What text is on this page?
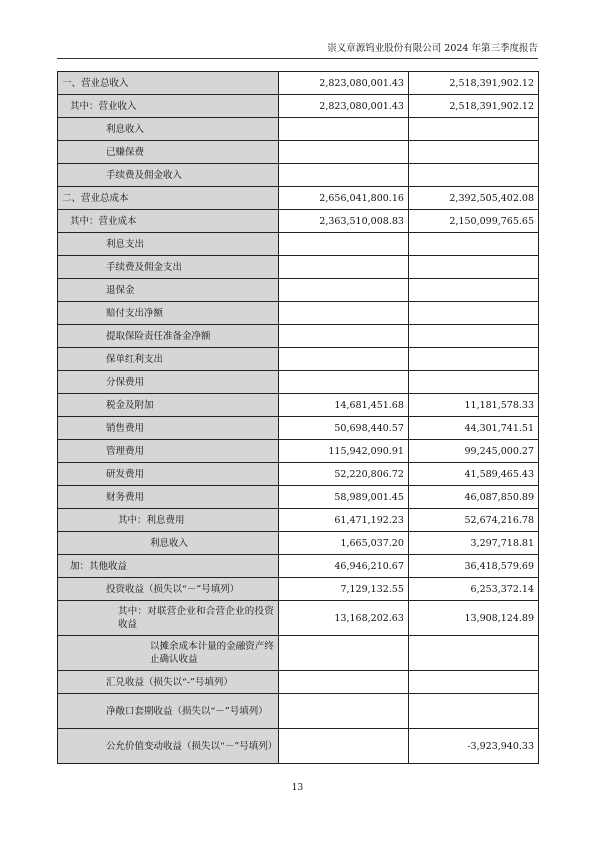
崇义章源钨业股份有限公司 2024 年第三季度报告
一、营业总收入	2,823,080,001.43	2,518,391,902.12

其中：营业收入	2,823,080,001.43	2,518,391,902.12

利息收入		

已赚保费		

手续费及佣金收入		

二、营业总成本	2,656,041,800.16	2,392,505,402.08

其中：营业成本	2,363,510,008.83	2,150,099,765.65

利息支出		

手续费及佣金支出		

退保金		

赔付支出净额		

提取保险责任准备金净额		

保单红利支出		

分保费用		

税金及附加	14,681,451.68	11,181,578.33

销售费用	50,698,440.57	44,301,741.51

管理费用	115,942,090.91	99,245,000.27

研发费用	52,220,806.72	41,589,465.43

财务费用	58,989,001.45	46,087,850.89

其中：利息费用	61,471,192.23	52,674,216.78

利息收入	1,665,037.20	3,297,718.81

加：其他收益	46,946,210.67	36,418,579.69

投资收益（损失以“－”号填列）	7,129,132.55	6,253,372.14

其中：对联营企业和合营企业的投资收益	13,168,202.63	13,908,124.89

以摊余成本计量的金融资产终止确认收益		

汇兑收益（损失以“-”号填列）		

净敞口套期收益（损失以“－”号填列）		

公允价值变动收益（损失以“－”号填列）		-3,923,940.33
13
